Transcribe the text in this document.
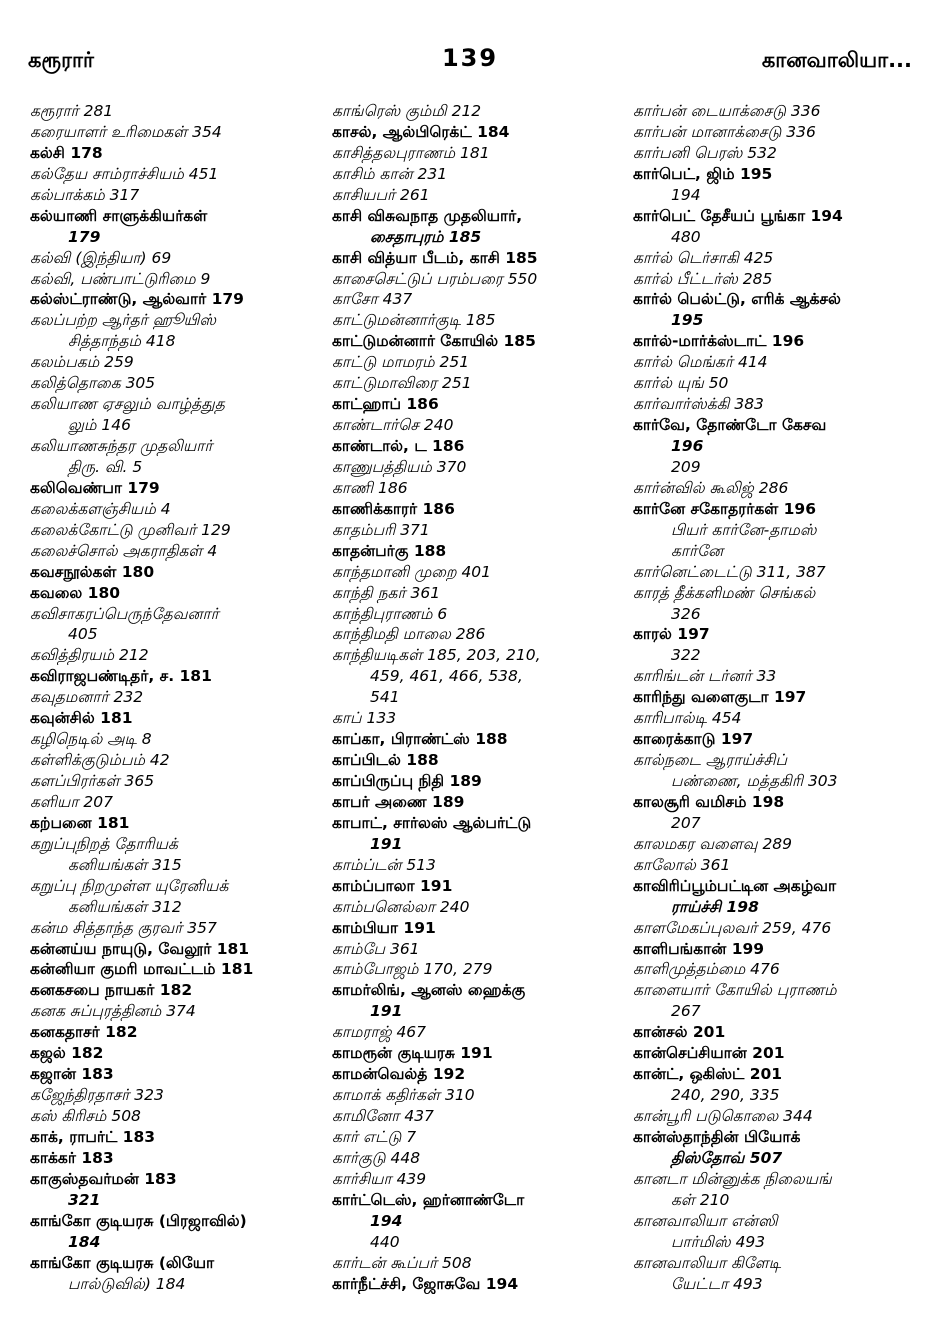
கரூரார்	139	கானவாலியா...
கரூரார் 281
கரையாளர் உரிமைகள் 354
கல்சி 178
கல்தேய சாம்ராச்சியம் 451
கல்பாக்கம் 317
கல்யாணி சாளுக்கியர்கள்
179
கல்வி (இந்தியா) 69
கல்வி, பண்பாட்டுரிமை 9
கல்ஸ்ட்ராண்டு, ஆல்வார் 179
கலப்பற்ற ஆர்தர் ஹூயிஸ்
சித்தாந்தம் 418
கலம்பகம் 259
கலித்தொகை 305
கலியாண ஏசலும் வாழ்த்துத
லும் 146
கலியாணசுந்தர முதலியார்
திரு. வி. 5
கலிவெண்பா 179
கலைக்களஞ்சியம் 4
கலைக்கோட்டு முனிவர் 129
கலைச்சொல் அகராதிகள் 4
கவசநூல்கள் 180
கவலை 180
கவிசாகரப்பெருந்தேவனார்
405
கவித்திரயம் 212
கவிராஜபண்டிதர், ச. 181
கவுதமனார் 232
கவுன்சில் 181
கழிநெடில் அடி 8
கள்ளிக்குடும்பம் 42
களப்பிரர்கள் 365
களியா 207
கற்பனை 181
கறுப்புநிறத் தோரியக்
கனியங்கள் 315
கறுப்பு நிறமுள்ள யுரேனியக்
கனியங்கள் 312
கன்ம சித்தாந்த குரவர் 357
கன்னய்ய நாயுடு, வேலூர் 181
கன்னியா குமரி மாவட்டம் 181
கனகசபை நாயகர் 182
கனக சுப்புரத்தினம் 374
கனகதாசர் 182
கஜல் 182
கஜான் 183
கஜேந்திரதாசர் 323
கஸ் கிரிசம் 508
காக், ராபர்ட் 183
காக்கர் 183
காகுஸ்தவர்மன் 183
321
காங்கோ குடியரசு (பிரஜாவில்)
184
காங்கோ குடியரசு (லியோ
பால்டுவில்) 184
காங்ரெஸ் கும்மி 212
காசல், ஆல்பிரெக்ட் 184
காசித்தலபுராணம் 181
காசிம் கான் 231
காசியபர் 261
காசி விசுவநாத முதலியார்,
சைதாபுரம் 185
காசி வித்யா பீடம், காசி 185
காசைசெட்டுப் பரம்பரை 550
காசோ 437
காட்டுமன்னார்குடி 185
காட்டுமன்னார் கோயில் 185
காட்டு மாமரம் 251
காட்டுமாவிரை 251
காட்ஹாப் 186
காண்டார்செ 240
காண்டால், ட 186
காணுபத்தியம் 370
காணி 186
காணிக்காரர் 186
காதம்பரி 371
காதன்பர்கு 188
காந்தமானி முறை 401
காந்தி நகர் 361
காந்திபுராணம் 6
காந்திமதி மாலை 286
காந்தியடிகள் 185, 203, 210,
459, 461, 466, 538,
541
காப் 133
காப்கா, பிராண்ட்ஸ் 188
காப்பிடல் 188
காப்பிருப்பு நிதி 189
காபர் அணை 189
காபாட், சார்லஸ் ஆல்பர்ட்டு
191
காம்ப்டன் 513
காம்ப்பாலா 191
காம்பனெல்லா 240
காம்பியா 191
காம்பே 361
காம்போஜம் 170, 279
காமர்லிங், ஆனஸ் ஹைக்கு
191
காமராஜ் 467
காமரூன் குடியரசு 191
காமன்வெல்த் 192
காமாக் கதிர்கள் 310
காமினோ 437
கார் எட்டு 7
கார்குடு 448
கார்சியா 439
கார்ட்டெஸ், ஹர்னாண்டோ
194
440
கார்டன் கூப்பர் 508
கார்நீட்ச்சி, ஜோசுவே 194
கார்பன் டையாக்சைடு 336
கார்பன் மானாக்சைடு 336
கார்பனி பெரஸ் 532
கார்பெட், ஜிம் 195
194
கார்பெட் தேசீயப் பூங்கா 194
480
கார்ல் டெர்சாகி 425
கார்ல் பீட்டர்ஸ் 285
கார்ல் பெல்ட்டு, எரிக் ஆக்சல்
195
கார்ல்-மார்க்ஸ்டாட் 196
கார்ல் மெங்கர் 414
கார்ல் யுங் 50
கார்வார்ஸ்க்கி 383
கார்வே, தோண்டோ கேசவ
196
209
கார்ன்வில் கூலிஜ் 286
கார்னே சகோதரர்கள் 196
பியர் கார்னே-தாமஸ்
கார்னே
கார்னெட்டைட்டு 311, 387
காரத் தீக்களிமண் செங்கல்
326
காரல் 197
322
காரிங்டன் டர்னர் 33
காரிந்து வளைகுடா 197
காரிபால்டி 454
காரைக்காடு 197
கால்நடை ஆராய்ச்சிப்
பண்ணை, மத்தகிரி 303
காலசூரி வமிசம் 198
207
காலமகர வளைவு 289
காலோல் 361
காவிரிப்பூம்பட்டின அகழ்வா
ராய்ச்சி 198
காளமேகப்புலவர் 259, 476
காளிபங்கான் 199
காளிமுத்தம்மை 476
காளையார் கோயில் புராணம்
267
கான்சல் 201
கான்செப்சியான் 201
கான்ட், ஒகிஸ்ட் 201
240, 290, 335
கான்பூரி படுகொலை 344
கான்ஸ்தாந்தின் பியோக்
திஸ்தோவ் 507
கானடா மின்னுக்க நிலையங்
கள் 210
கானவாலியா என்ஸி
பார்மிஸ் 493
கானவாலியா கிளேடி
யேட்டா 493
